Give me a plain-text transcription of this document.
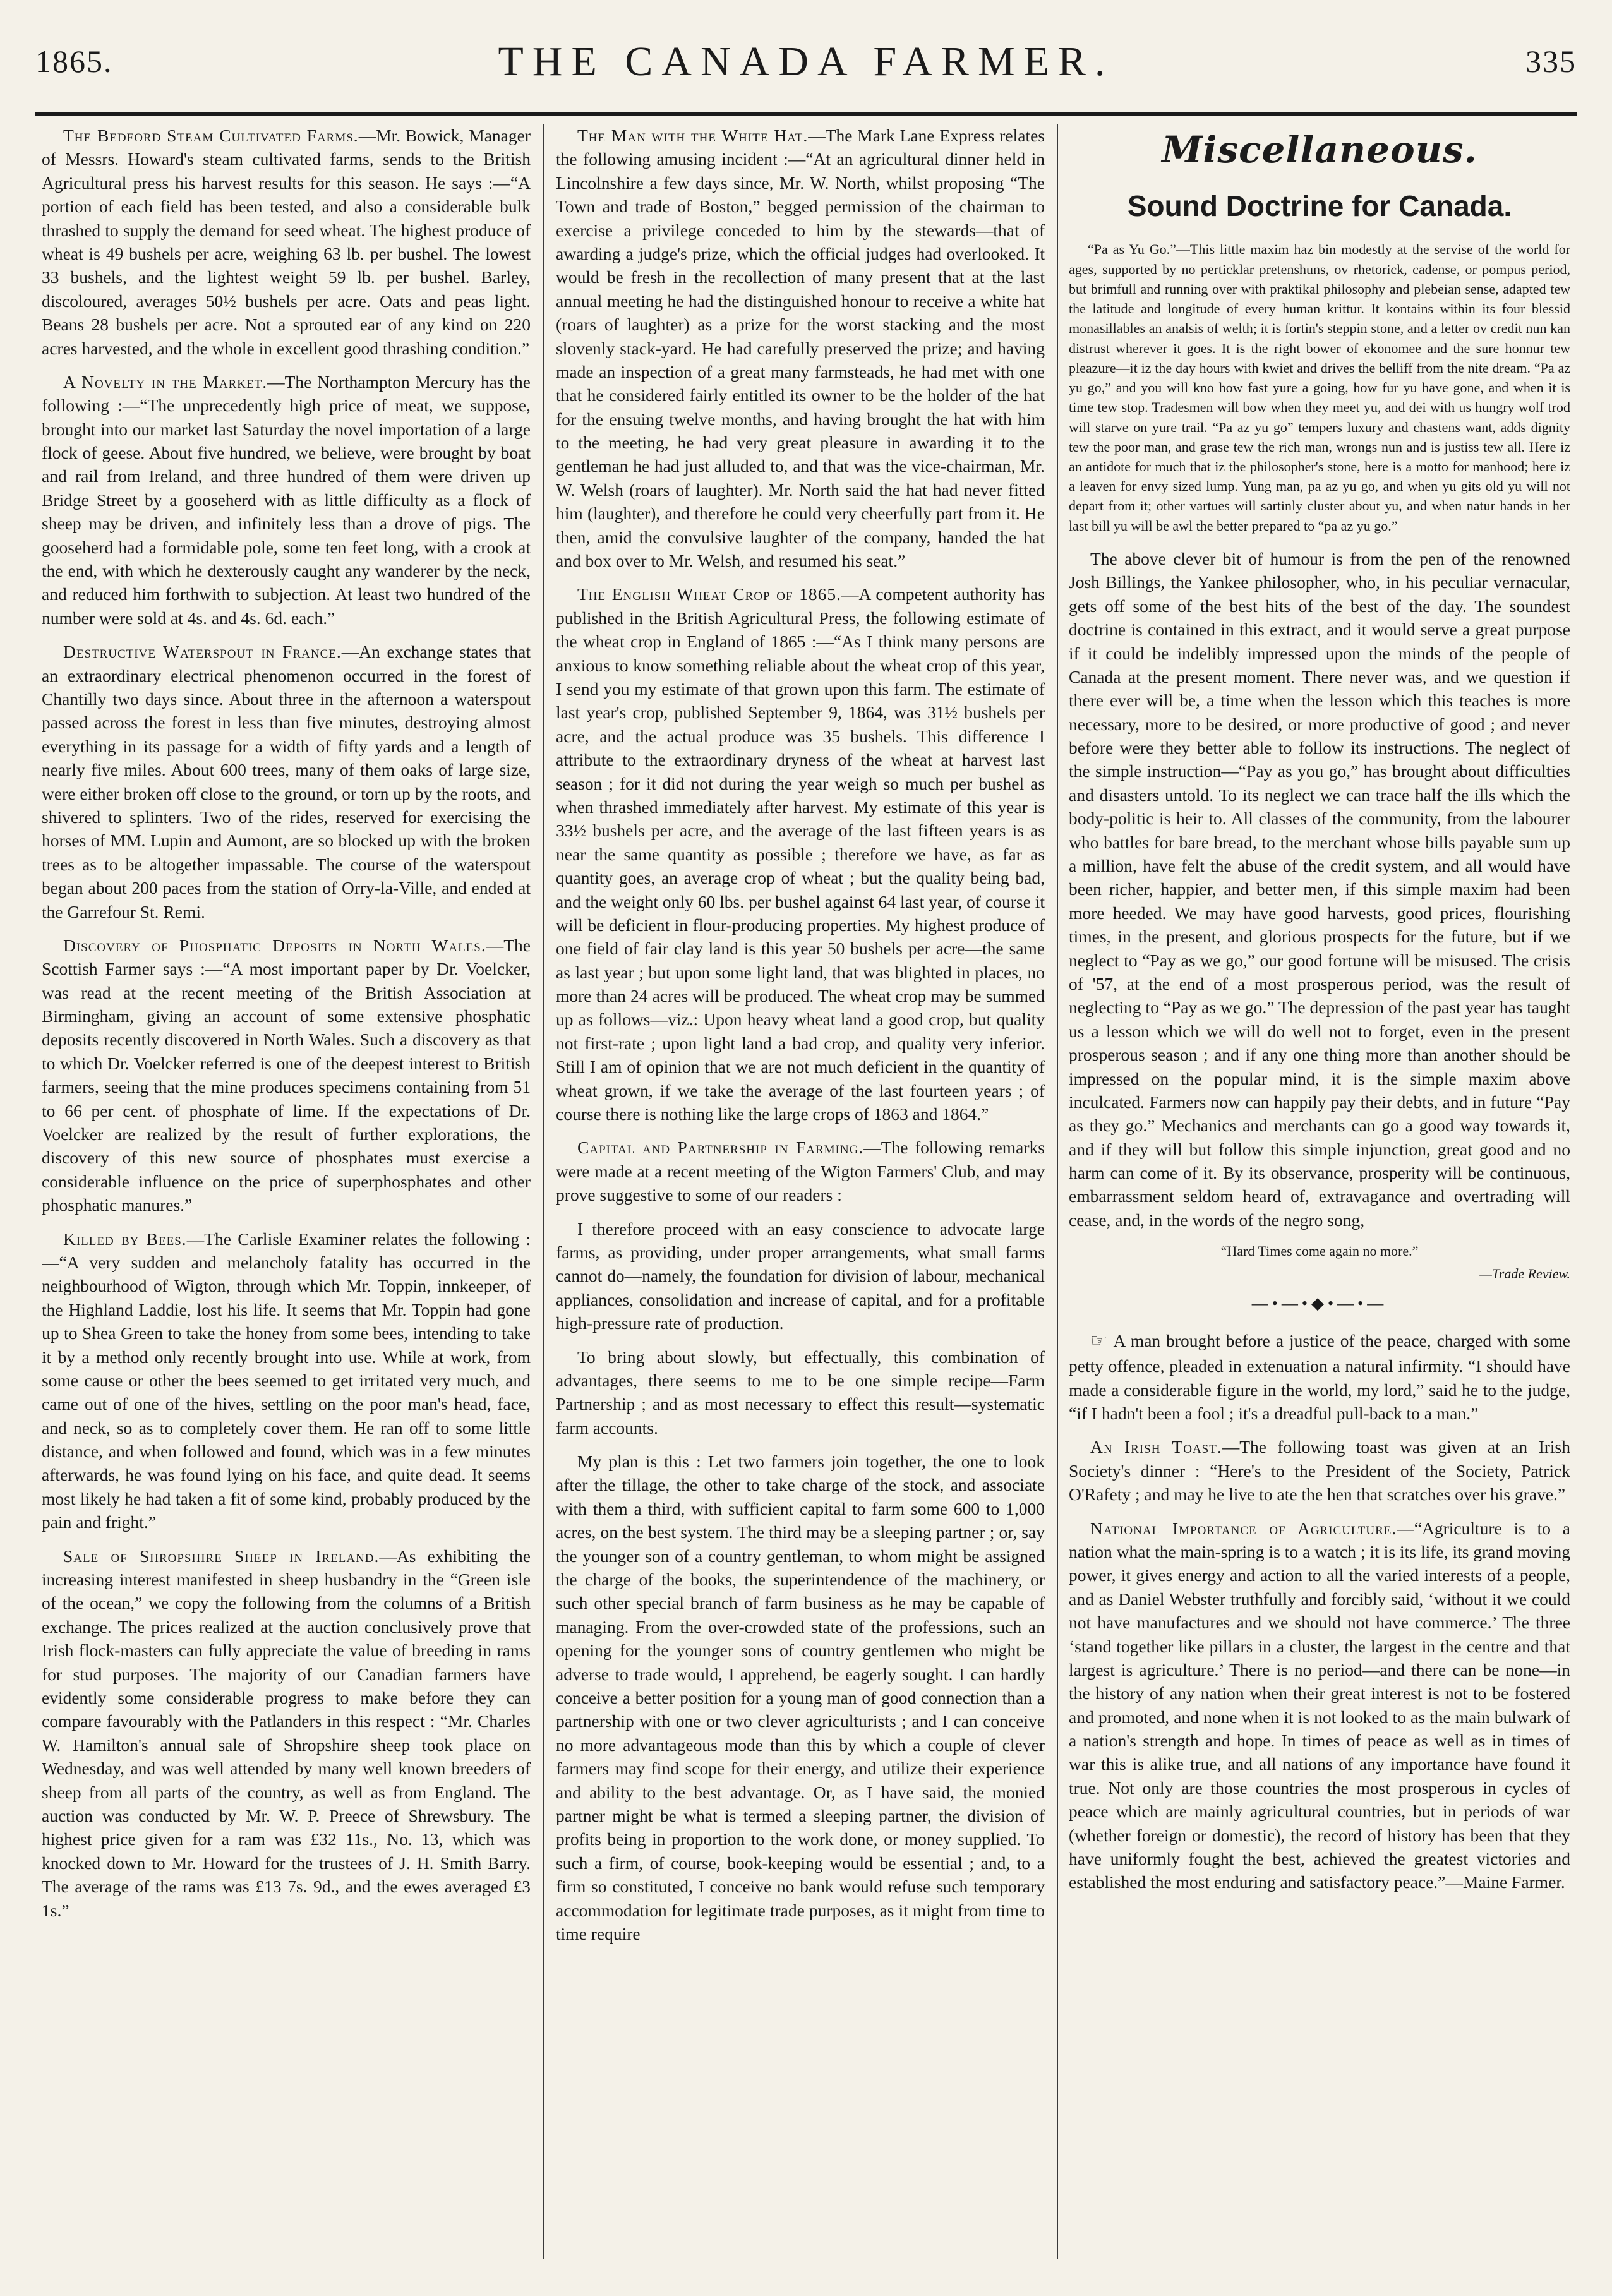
1865.	THE CANADA FARMER.	335

The Bedford Steam Cultivated Farms.—Mr. Bowick, Manager of Messrs. Howard's steam cultivated farms, sends to the British Agricultural press his harvest results for this season. He says :—“A portion of each field has been tested, and also a considerable bulk thrashed to supply the demand for seed wheat. The highest produce of wheat is 49 bushels per acre, weighing 63 lb. per bushel. The lowest 33 bushels, and the lightest weight 59 lb. per bushel. Barley, discoloured, averages 50½ bushels per acre. Oats and peas light. Beans 28 bushels per acre. Not a sprouted ear of any kind on 220 acres harvested, and the whole in excellent good thrashing condition.”

A Novelty in the Market.—The Northampton Mercury has the following :—“The unprecedently high price of meat, we suppose, brought into our market last Saturday the novel importation of a large flock of geese. About five hundred, we believe, were brought by boat and rail from Ireland, and three hundred of them were driven up Bridge Street by a gooseherd with as little difficulty as a flock of sheep may be driven, and infinitely less than a drove of pigs. The gooseherd had a formidable pole, some ten feet long, with a crook at the end, with which he dexterously caught any wanderer by the neck, and reduced him forthwith to subjection. At least two hundred of the number were sold at 4s. and 4s. 6d. each.”

Destructive Waterspout in France.—An exchange states that an extraordinary electrical phenomenon occurred in the forest of Chantilly two days since. About three in the afternoon a waterspout passed across the forest in less than five minutes, destroying almost everything in its passage for a width of fifty yards and a length of nearly five miles. About 600 trees, many of them oaks of large size, were either broken off close to the ground, or torn up by the roots, and shivered to splinters. Two of the rides, reserved for exercising the horses of MM. Lupin and Aumont, are so blocked up with the broken trees as to be altogether impassable. The course of the waterspout began about 200 paces from the station of Orry-la-Ville, and ended at the Garrefour St. Remi.

Discovery of Phosphatic Deposits in North Wales.—The Scottish Farmer says :—“A most important paper by Dr. Voelcker, was read at the recent meeting of the British Association at Birmingham, giving an account of some extensive phosphatic deposits recently discovered in North Wales. Such a discovery as that to which Dr. Voelcker referred is one of the deepest interest to British farmers, seeing that the mine produces specimens containing from 51 to 66 per cent. of phosphate of lime. If the expectations of Dr. Voelcker are realized by the result of further explorations, the discovery of this new source of phosphates must exercise a considerable influence on the price of superphosphates and other phosphatic manures.”

Killed by Bees.—The Carlisle Examiner relates the following :—“A very sudden and melancholy fatality has occurred in the neighbourhood of Wigton, through which Mr. Toppin, innkeeper, of the Highland Laddie, lost his life. It seems that Mr. Toppin had gone up to Shea Green to take the honey from some bees, intending to take it by a method only recently brought into use. While at work, from some cause or other the bees seemed to get irritated very much, and came out of one of the hives, settling on the poor man's head, face, and neck, so as to completely cover them. He ran off to some little distance, and when followed and found, which was in a few minutes afterwards, he was found lying on his face, and quite dead. It seems most likely he had taken a fit of some kind, probably produced by the pain and fright.”

Sale of Shropshire Sheep in Ireland.—As exhibiting the increasing interest manifested in sheep husbandry in the “Green isle of the ocean,” we copy the following from the columns of a British exchange. The prices realized at the auction conclusively prove that Irish flock-masters can fully appreciate the value of breeding in rams for stud purposes. The majority of our Canadian farmers have evidently some considerable progress to make before they can compare favourably with the Patlanders in this respect : “Mr. Charles W. Hamilton's annual sale of Shropshire sheep took place on Wednesday, and was well attended by many well known breeders of sheep from all parts of the country, as well as from England. The auction was conducted by Mr. W. P. Preece of Shrewsbury. The highest price given for a ram was £32 11s., No. 13, which was knocked down to Mr. Howard for the trustees of J. H. Smith Barry. The average of the rams was £13 7s. 9d., and the ewes averaged £3 1s.”

The Man with the White Hat.—The Mark Lane Express relates the following amusing incident :—“At an agricultural dinner held in Lincolnshire a few days since, Mr. W. North, whilst proposing “The Town and trade of Boston,” begged permission of the chairman to exercise a privilege conceded to him by the stewards—that of awarding a judge's prize, which the official judges had overlooked. It would be fresh in the recollection of many present that at the last annual meeting he had the distinguished honour to receive a white hat (roars of laughter) as a prize for the worst stacking and the most slovenly stack-yard. He had carefully preserved the prize; and having made an inspection of a great many farmsteads, he had met with one that he considered fairly entitled its owner to be the holder of the hat for the ensuing twelve months, and having brought the hat with him to the meeting, he had very great pleasure in awarding it to the gentleman he had just alluded to, and that was the vice-chairman, Mr. W. Welsh (roars of laughter). Mr. North said the hat had never fitted him (laughter), and therefore he could very cheerfully part from it. He then, amid the convulsive laughter of the company, handed the hat and box over to Mr. Welsh, and resumed his seat.”

The English Wheat Crop of 1865.—A competent authority has published in the British Agricultural Press, the following estimate of the wheat crop in England of 1865 :—“As I think many persons are anxious to know something reliable about the wheat crop of this year, I send you my estimate of that grown upon this farm. The estimate of last year's crop, published September 9, 1864, was 31½ bushels per acre, and the actual produce was 35 bushels. This difference I attribute to the extraordinary dryness of the wheat at harvest last season ; for it did not during the year weigh so much per bushel as when thrashed immediately after harvest. My estimate of this year is 33½ bushels per acre, and the average of the last fifteen years is as near the same quantity as possible ; therefore we have, as far as quantity goes, an average crop of wheat ; but the quality being bad, and the weight only 60 lbs. per bushel against 64 last year, of course it will be deficient in flour-producing properties. My highest produce of one field of fair clay land is this year 50 bushels per acre—the same as last year ; but upon some light land, that was blighted in places, no more than 24 acres will be produced. The wheat crop may be summed up as follows—viz.: Upon heavy wheat land a good crop, but quality not first-rate ; upon light land a bad crop, and quality very inferior. Still I am of opinion that we are not much deficient in the quantity of wheat grown, if we take the average of the last fourteen years ; of course there is nothing like the large crops of 1863 and 1864.”

Capital and Partnership in Farming.—The following remarks were made at a recent meeting of the Wigton Farmers' Club, and may prove suggestive to some of our readers :

I therefore proceed with an easy conscience to advocate large farms, as providing, under proper arrangements, what small farms cannot do—namely, the foundation for division of labour, mechanical appliances, consolidation and increase of capital, and for a profitable high-pressure rate of production.

To bring about slowly, but effectually, this combination of advantages, there seems to me to be one simple recipe—Farm Partnership ; and as most necessary to effect this result—systematic farm accounts.

My plan is this : Let two farmers join together, the one to look after the tillage, the other to take charge of the stock, and associate with them a third, with sufficient capital to farm some 600 to 1,000 acres, on the best system. The third may be a sleeping partner ; or, say the younger son of a country gentleman, to whom might be assigned the charge of the books, the superintendence of the machinery, or such other special branch of farm business as he may be capable of managing. From the over-crowded state of the professions, such an opening for the younger sons of country gentlemen who might be adverse to trade would, I apprehend, be eagerly sought. I can hardly conceive a better position for a young man of good connection than a partnership with one or two clever agriculturists ; and I can conceive no more advantageous mode than this by which a couple of clever farmers may find scope for their energy, and utilize their experience and ability to the best advantage. Or, as I have said, the monied partner might be what is termed a sleeping partner, the division of profits being in proportion to the work done, or money supplied. To such a firm, of course, book-keeping would be essential ; and, to a firm so constituted, I conceive no bank would refuse such temporary accommodation for legitimate trade purposes, as it might from time to time require

Miscellaneous.
Sound Doctrine for Canada.

“Pa as Yu Go.”—This little maxim haz bin modestly at the servise of the world for ages, supported by no perticklar pretenshuns, ov rhetorick, cadense, or pompus period, but brimfull and running over with praktikal philosophy and plebeian sense, adapted tew the latitude and longitude of every human krittur. It kontains within its four blessid monasillables an analsis of welth; it is fortin's steppin stone, and a letter ov credit nun kan distrust wherever it goes. It is the right bower of ekonomee and the sure honnur tew pleazure—it iz the day hours with kwiet and drives the belliff from the nite dream. “Pa az yu go,” and you will kno how fast yure a going, how fur yu have gone, and when it is time tew stop. Tradesmen will bow when they meet yu, and dei with us hungry wolf trod will starve on yure trail. “Pa az yu go” tempers luxury and chastens want, adds dignity tew the poor man, and grase tew the rich man, wrongs nun and is justiss tew all. Here iz an antidote for much that iz the philosopher's stone, here is a motto for manhood; here iz a leaven for envy sized lump. Yung man, pa az yu go, and when yu gits old yu will not depart from it; other vartues will sartinly cluster about yu, and when natur hands in her last bill yu will be awl the better prepared to “pa az yu go.”

The above clever bit of humour is from the pen of the renowned Josh Billings, the Yankee philosopher, who, in his peculiar vernacular, gets off some of the best hits of the best of the day. The soundest doctrine is contained in this extract, and it would serve a great purpose if it could be indelibly impressed upon the minds of the people of Canada at the present moment. There never was, and we question if there ever will be, a time when the lesson which this teaches is more necessary, more to be desired, or more productive of good ; and never before were they better able to follow its instructions. The neglect of the simple instruction—“Pay as you go,” has brought about difficulties and disasters untold. To its neglect we can trace half the ills which the body-politic is heir to. All classes of the community, from the labourer who battles for bare bread, to the merchant whose bills payable sum up a million, have felt the abuse of the credit system, and all would have been richer, happier, and better men, if this simple maxim had been more heeded. We may have good harvests, good prices, flourishing times, in the present, and glorious prospects for the future, but if we neglect to “Pay as we go,” our good fortune will be misused. The crisis of '57, at the end of a most prosperous period, was the result of neglecting to “Pay as we go.” The depression of the past year has taught us a lesson which we will do well not to forget, even in the present prosperous season ; and if any one thing more than another should be impressed on the popular mind, it is the simple maxim above inculcated. Farmers now can happily pay their debts, and in future “Pay as they go.” Mechanics and merchants can go a good way towards it, and if they will but follow this simple injunction, great good and no harm can come of it. By its observance, prosperity will be continuous, embarrassment seldom heard of, extravagance and overtrading will cease, and, in the words of the negro song,

“Hard Times come again no more.”
—Trade Review.
—•—•◆•—•—

☞ A man brought before a justice of the peace, charged with some petty offence, pleaded in extenuation a natural infirmity. “I should have made a considerable figure in the world, my lord,” said he to the judge, “if I hadn't been a fool ; it's a dreadful pull-back to a man.”

An Irish Toast.—The following toast was given at an Irish Society's dinner : “Here's to the President of the Society, Patrick O'Rafety ; and may he live to ate the hen that scratches over his grave.”

National Importance of Agriculture.—“Agriculture is to a nation what the main-spring is to a watch ; it is its life, its grand moving power, it gives energy and action to all the varied interests of a people, and as Daniel Webster truthfully and forcibly said, ‘without it we could not have manufactures and we should not have commerce.’ The three ‘stand together like pillars in a cluster, the largest in the centre and that largest is agriculture.’ There is no period—and there can be none—in the history of any nation when their great interest is not to be fostered and promoted, and none when it is not looked to as the main bulwark of a nation's strength and hope. In times of peace as well as in times of war this is alike true, and all nations of any importance have found it true. Not only are those countries the most prosperous in cycles of peace which are mainly agricultural countries, but in periods of war (whether foreign or domestic), the record of history has been that they have uniformly fought the best, achieved the greatest victories and established the most enduring and satisfactory peace.”—Maine Farmer.
